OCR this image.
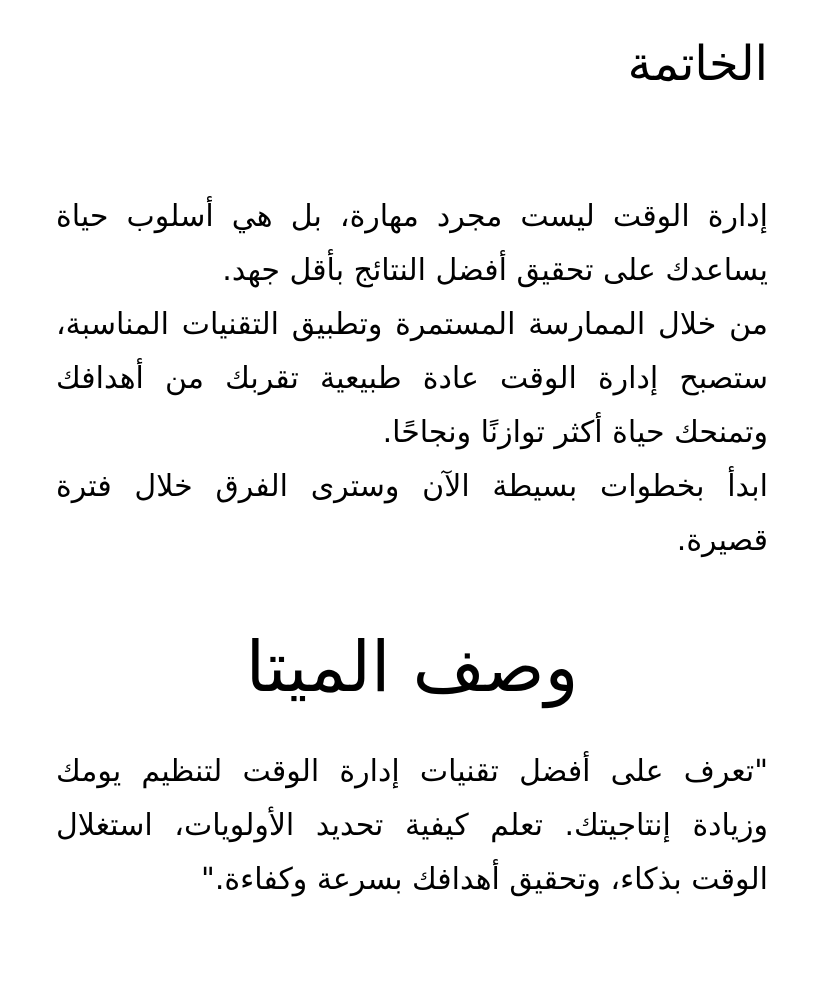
الخاتمة

إدارة الوقت ليست مجرد مهارة، بل هي أسلوب حياة يساعدك على تحقيق أفضل النتائج بأقل جهد.

من خلال الممارسة المستمرة وتطبيق التقنيات المناسبة، ستصبح إدارة الوقت عادة طبيعية تقربك من أهدافك وتمنحك حياة أكثر توازنًا ونجاحًا.

ابدأ بخطوات بسيطة الآن وسترى الفرق خلال فترة قصيرة.

وصف الميتا

"تعرف على أفضل تقنيات إدارة الوقت لتنظيم يومك وزيادة إنتاجيتك. تعلم كيفية تحديد الأولويات، استغلال الوقت بذكاء، وتحقيق أهدافك بسرعة وكفاءة."
